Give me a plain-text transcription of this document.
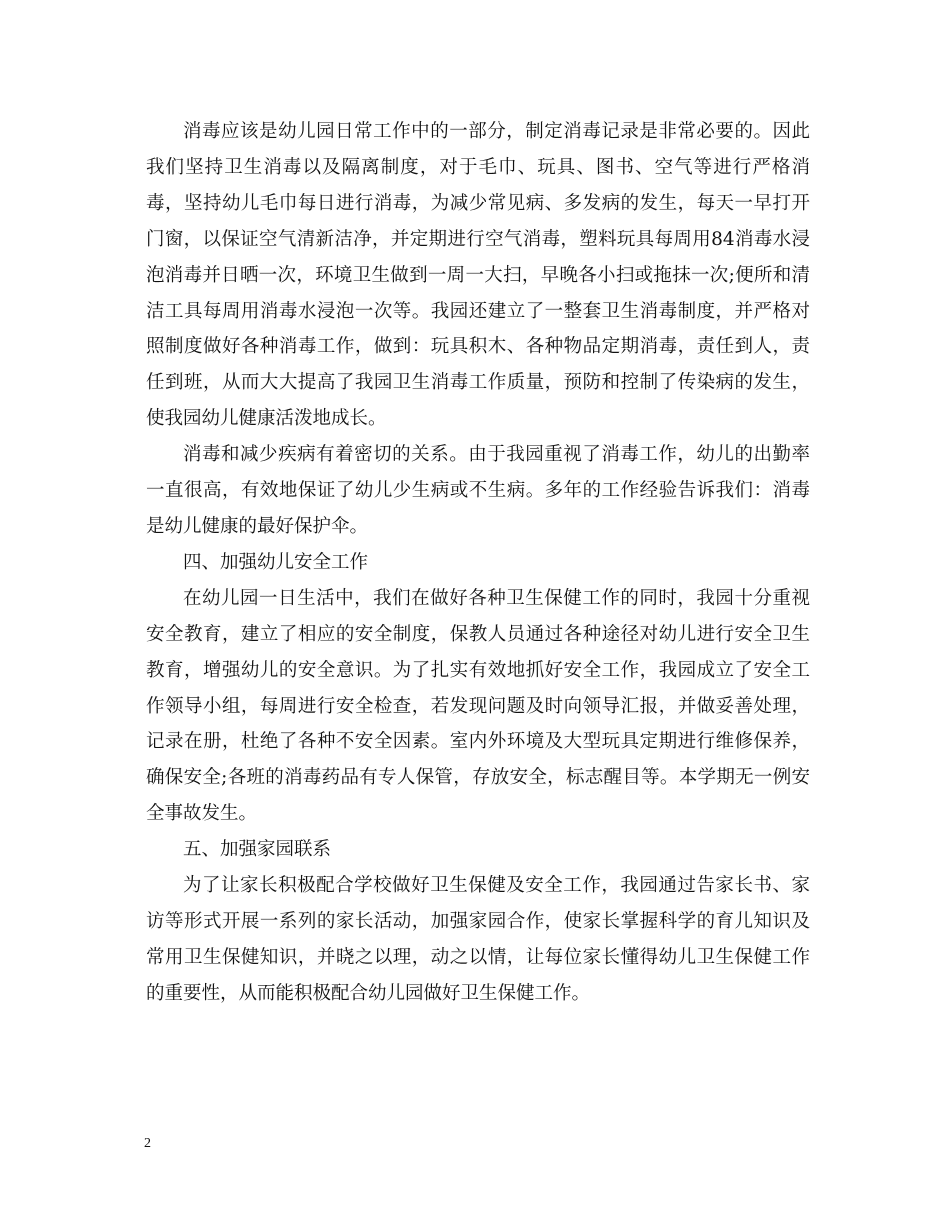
消毒应该是幼儿园日常工作中的一部分，制定消毒记录是非常必要的。因此我们坚持卫生消毒以及隔离制度，对于毛巾、玩具、图书、空气等进行严格消毒，坚持幼儿毛巾每日进行消毒，为减少常见病、多发病的发生，每天一早打开门窗，以保证空气清新洁净，并定期进行空气消毒，塑料玩具每周用84消毒水浸泡消毒并日晒一次，环境卫生做到一周一大扫，早晚各小扫或拖抹一次;便所和清洁工具每周用消毒水浸泡一次等。我园还建立了一整套卫生消毒制度，并严格对照制度做好各种消毒工作，做到：玩具积木、各种物品定期消毒，责任到人，责任到班，从而大大提高了我园卫生消毒工作质量，预防和控制了传染病的发生，使我园幼儿健康活泼地成长。

消毒和减少疾病有着密切的关系。由于我园重视了消毒工作，幼儿的出勤率一直很高，有效地保证了幼儿少生病或不生病。多年的工作经验告诉我们：消毒是幼儿健康的最好保护伞。

四、加强幼儿安全工作

在幼儿园一日生活中，我们在做好各种卫生保健工作的同时，我园十分重视安全教育，建立了相应的安全制度，保教人员通过各种途径对幼儿进行安全卫生教育，增强幼儿的安全意识。为了扎实有效地抓好安全工作，我园成立了安全工作领导小组，每周进行安全检查，若发现问题及时向领导汇报，并做妥善处理，记录在册，杜绝了各种不安全因素。室内外环境及大型玩具定期进行维修保养，确保安全;各班的消毒药品有专人保管，存放安全，标志醒目等。本学期无一例安全事故发生。

五、加强家园联系

为了让家长积极配合学校做好卫生保健及安全工作，我园通过告家长书、家访等形式开展一系列的家长活动，加强家园合作，使家长掌握科学的育儿知识及常用卫生保健知识，并晓之以理，动之以情，让每位家长懂得幼儿卫生保健工作的重要性，从而能积极配合幼儿园做好卫生保健工作。

2
